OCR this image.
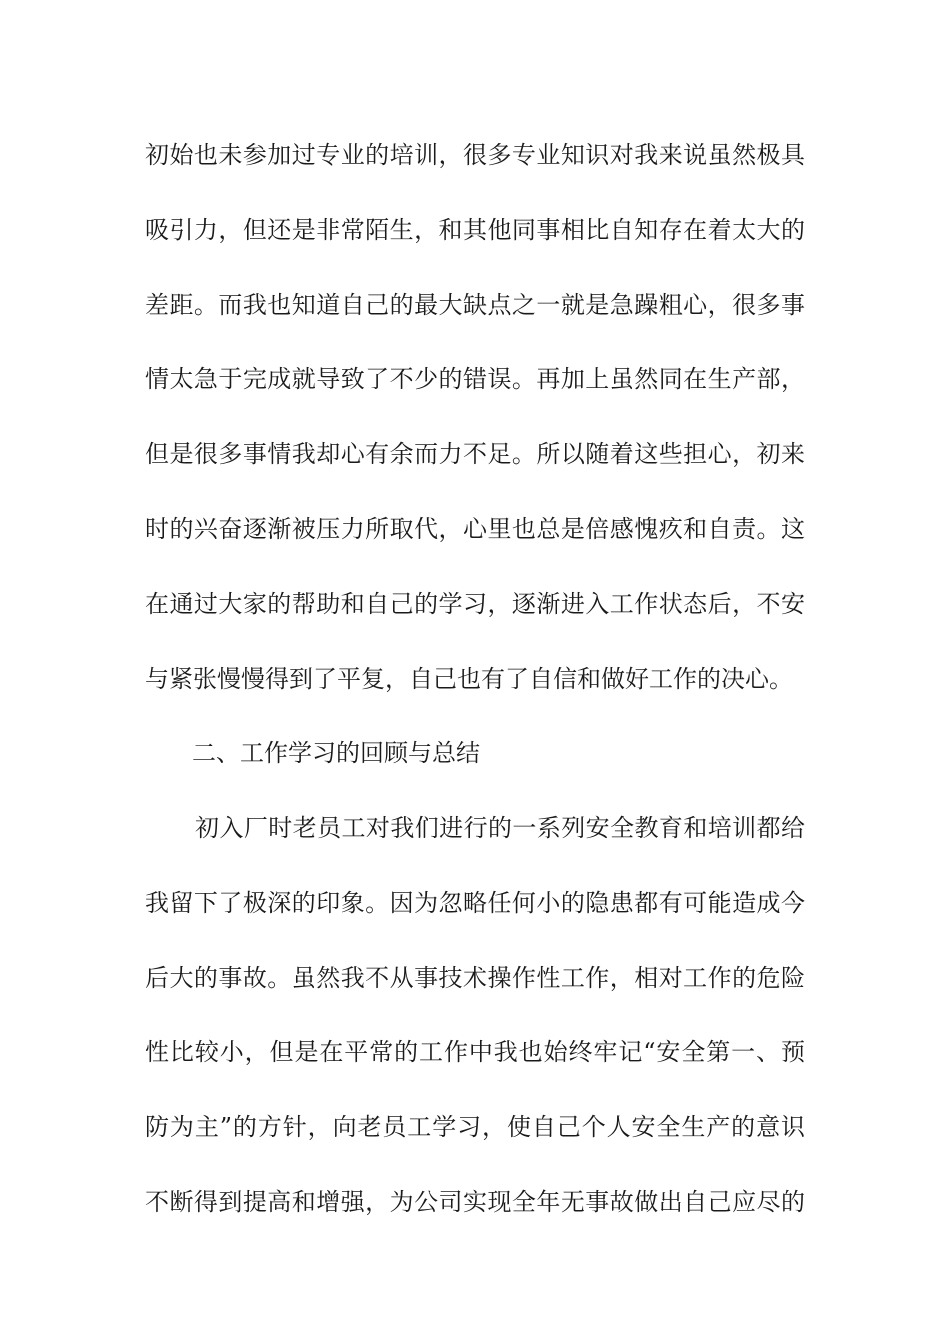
初始也未参加过专业的培训，很多专业知识对我来说虽然极具
吸引力，但还是非常陌生，和其他同事相比自知存在着太大的
差距。而我也知道自己的最大缺点之一就是急躁粗心，很多事
情太急于完成就导致了不少的错误。再加上虽然同在生产部，
但是很多事情我却心有余而力不足。所以随着这些担心，初来
时的兴奋逐渐被压力所取代，心里也总是倍感愧疚和自责。这
在通过大家的帮助和自己的学习，逐渐进入工作状态后，不安
与紧张慢慢得到了平复，自己也有了自信和做好工作的决心。
二、工作学习的回顾与总结
初入厂时老员工对我们进行的一系列安全教育和培训都给
我留下了极深的印象。因为忽略任何小的隐患都有可能造成今
后大的事故。虽然我不从事技术操作性工作，相对工作的危险
性比较小，但是在平常的工作中我也始终牢记“安全第一、预
防为主”的方针，向老员工学习，使自己个人安全生产的意识
不断得到提高和增强，为公司实现全年无事故做出自己应尽的
